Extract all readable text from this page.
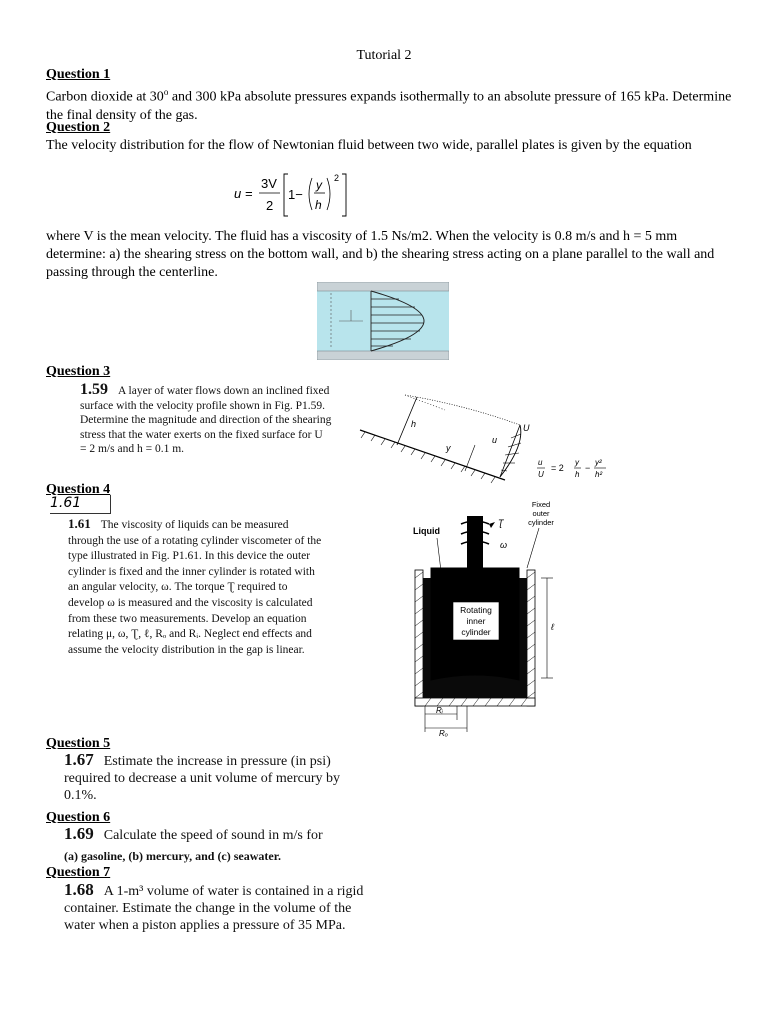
Tutorial 2
Question 1
Carbon dioxide at 30$^o$ and 300 kPa absolute pressures expands isothermally to an absolute pressure of 165 kPa. Determine the final density of the gas.
Question 2
The velocity distribution for the flow of Newtonian fluid between two wide, parallel plates is given by the equation
u =
3V
2
1−
y
h
2
where V is the mean velocity. The fluid has a viscosity of 1.5 Ns/m2. When the velocity is 0.8 m/s and h = 5 mm determine: a) the shearing stress on the bottom wall, and b) the shearing stress acting on a plane parallel to the wall and passing through the centerline.
Question 3
1.59 A layer of water flows down an inclined fixed surface with the velocity profile shown in Fig. P1.59. Determine the magnitude and direction of the shearing stress that the water exerts on the fixed surface for U = 2 m/s and h = 0.1 m.
h
y
u
U
u
U
= 2
y
h
−
y²
h²
Question 4
1.61
1.61 The viscosity of liquids can be measured through the use of a rotating cylinder viscometer of the type illustrated in Fig. P1.61. In this device the outer cylinder is fixed and the inner cylinder is rotated with an angular velocity, ω. The torque Ʈ required to develop ω is measured and the viscosity is calculated from these two measurements. Develop an equation relating μ, ω, Ʈ, ℓ, Rₒ and Rᵢ. Neglect end effects and assume the velocity distribution in the gap is linear.
Rotating
inner
cylinder
Liquid
Ʈ
ω
Fixed
outer
cylinder
ℓ
Rᵢ
Rₒ
Question 5
1.67 Estimate the increase in pressure (in psi) required to decrease a unit volume of mercury by 0.1%.
Question 6
1.69 Calculate the speed of sound in m/s for
(a) gasoline, (b) mercury, and (c) seawater.
Question 7
1.68 A 1-m³ volume of water is contained in a rigid container. Estimate the change in the volume of the water when a piston applies a pressure of 35 MPa.
